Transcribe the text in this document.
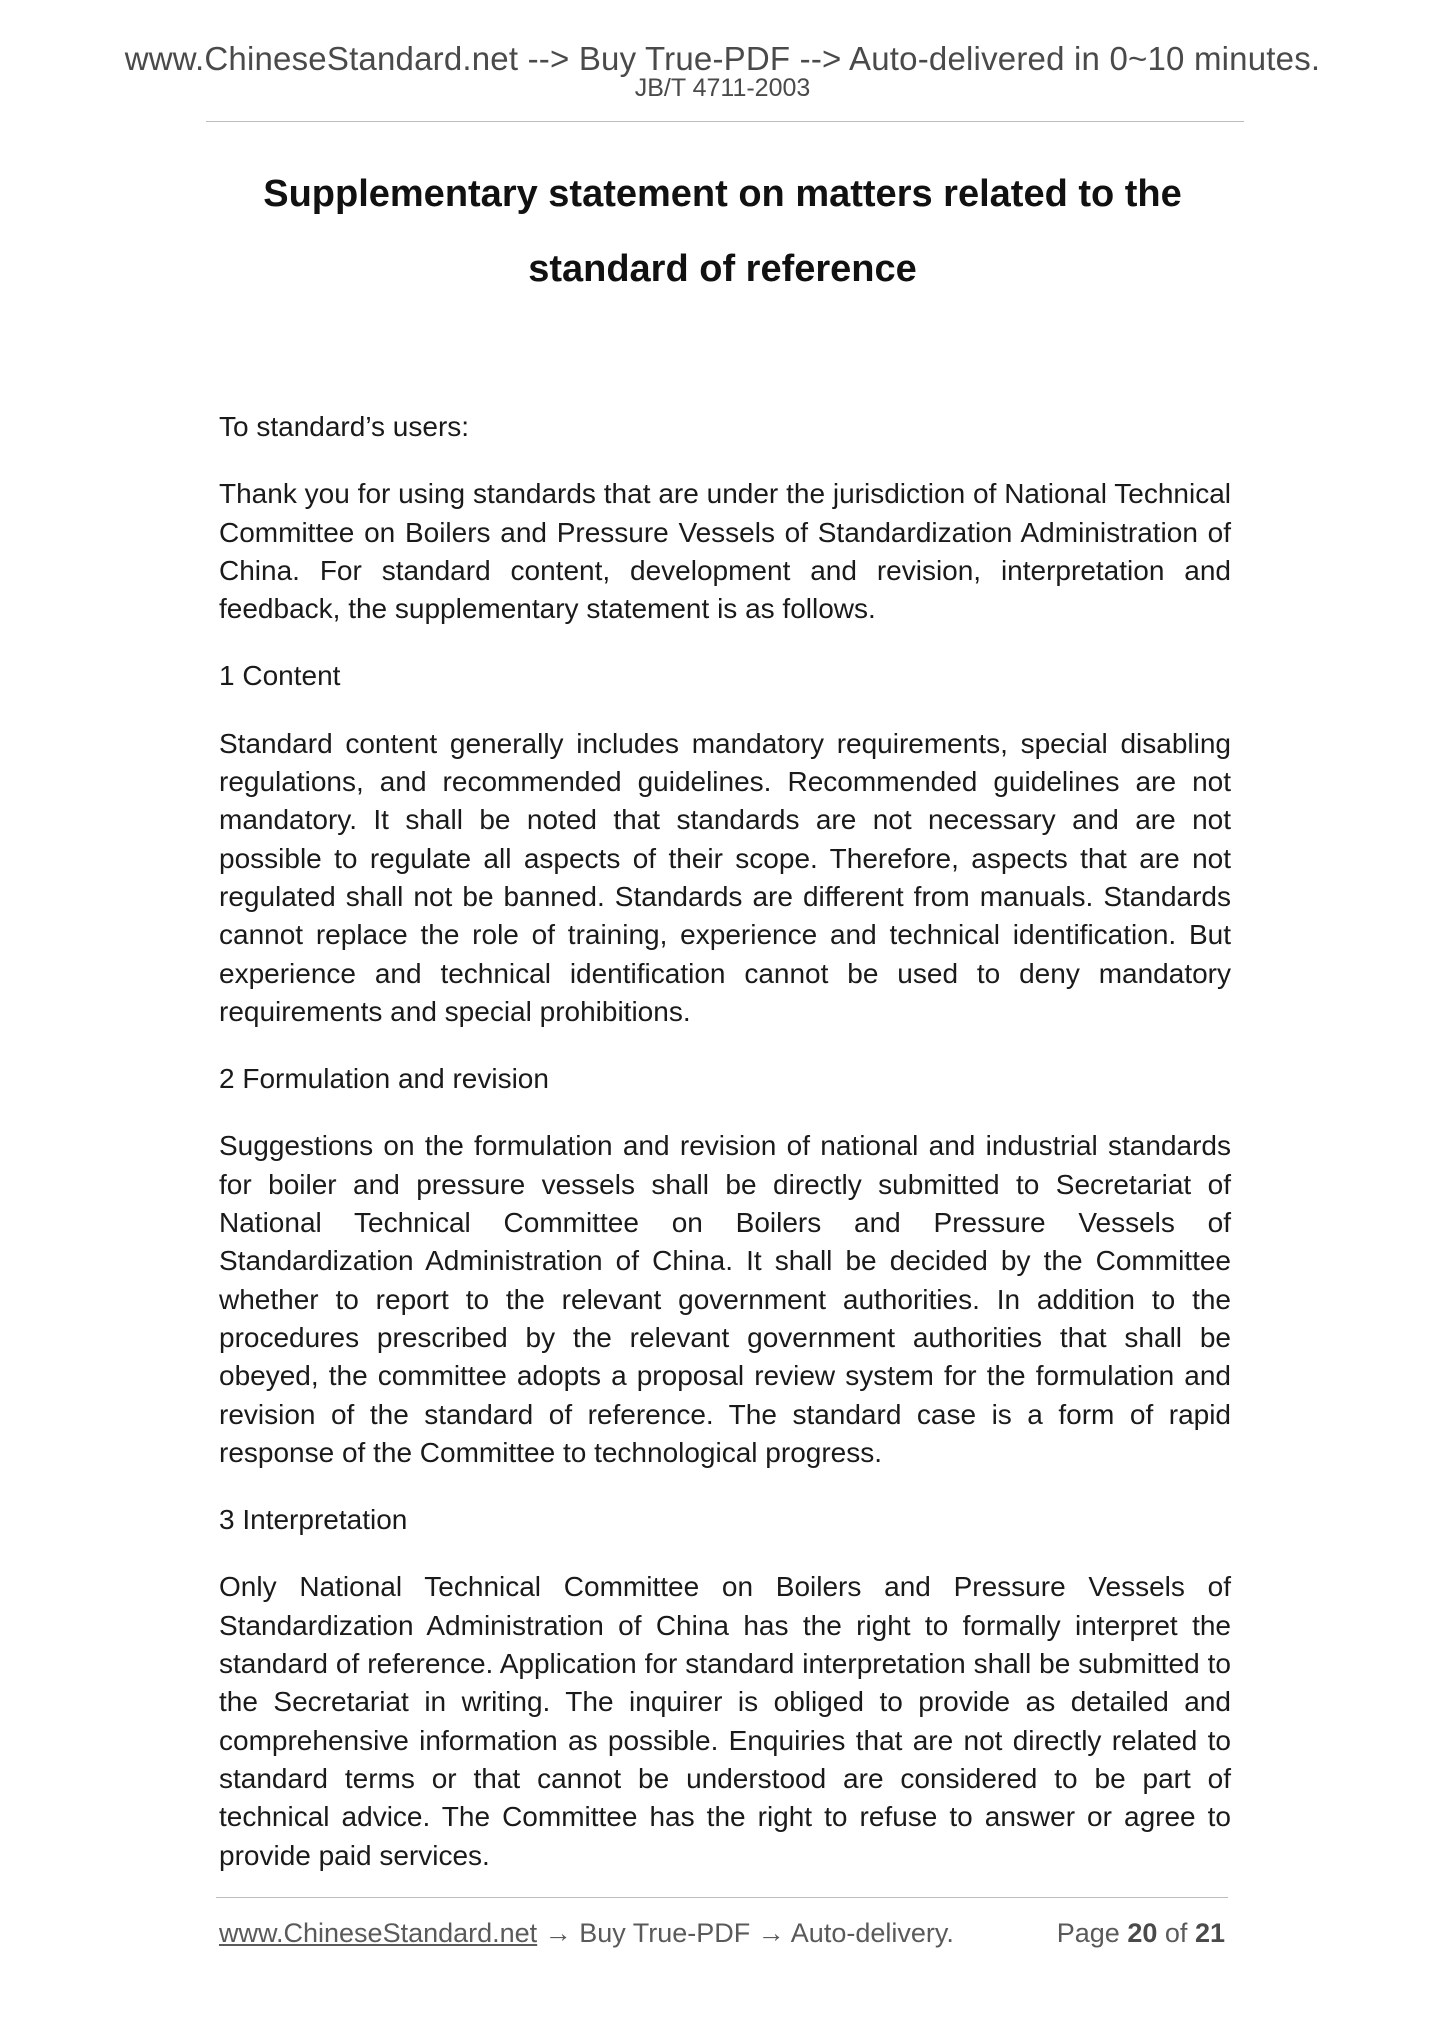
www.ChineseStandard.net --> Buy True-PDF --> Auto-delivered in 0~10 minutes.
JB/T 4711-2003
Supplementary statement on matters related to the
standard of reference

To standard’s users:

Thank you for using standards that are under the jurisdiction of National Technical Committee on Boilers and Pressure Vessels of Standardization Administration of China. For standard content, development and revision, interpretation and feedback, the supplementary statement is as follows.

1 Content

Standard content generally includes mandatory requirements, special disabling regulations, and recommended guidelines. Recommended guidelines are not mandatory. It shall be noted that standards are not necessary and are not possible to regulate all aspects of their scope. Therefore, aspects that are not regulated shall not be banned. Standards are different from manuals. Standards cannot replace the role of training, experience and technical identification. But experience and technical identification cannot be used to deny mandatory requirements and special prohibitions.

2 Formulation and revision

Suggestions on the formulation and revision of national and industrial standards for boiler and pressure vessels shall be directly submitted to Secretariat of National Technical Committee on Boilers and Pressure Vessels of Standardization Administration of China. It shall be decided by the Committee whether to report to the relevant government authorities. In addition to the procedures prescribed by the relevant government authorities that shall be obeyed, the committee adopts a proposal review system for the formulation and revision of the standard of reference. The standard case is a form of rapid response of the Committee to technological progress.

3 Interpretation

Only National Technical Committee on Boilers and Pressure Vessels of Standardization Administration of China has the right to formally interpret the standard of reference. Application for standard interpretation shall be submitted to the Secretariat in writing. The inquirer is obliged to provide as detailed and comprehensive information as possible. Enquiries that are not directly related to standard terms or that cannot be understood are considered to be part of technical advice. The Committee has the right to refuse to answer or agree to provide paid services.

www.ChineseStandard.net → Buy True-PDF → Auto-delivery.	Page 20 of 21
